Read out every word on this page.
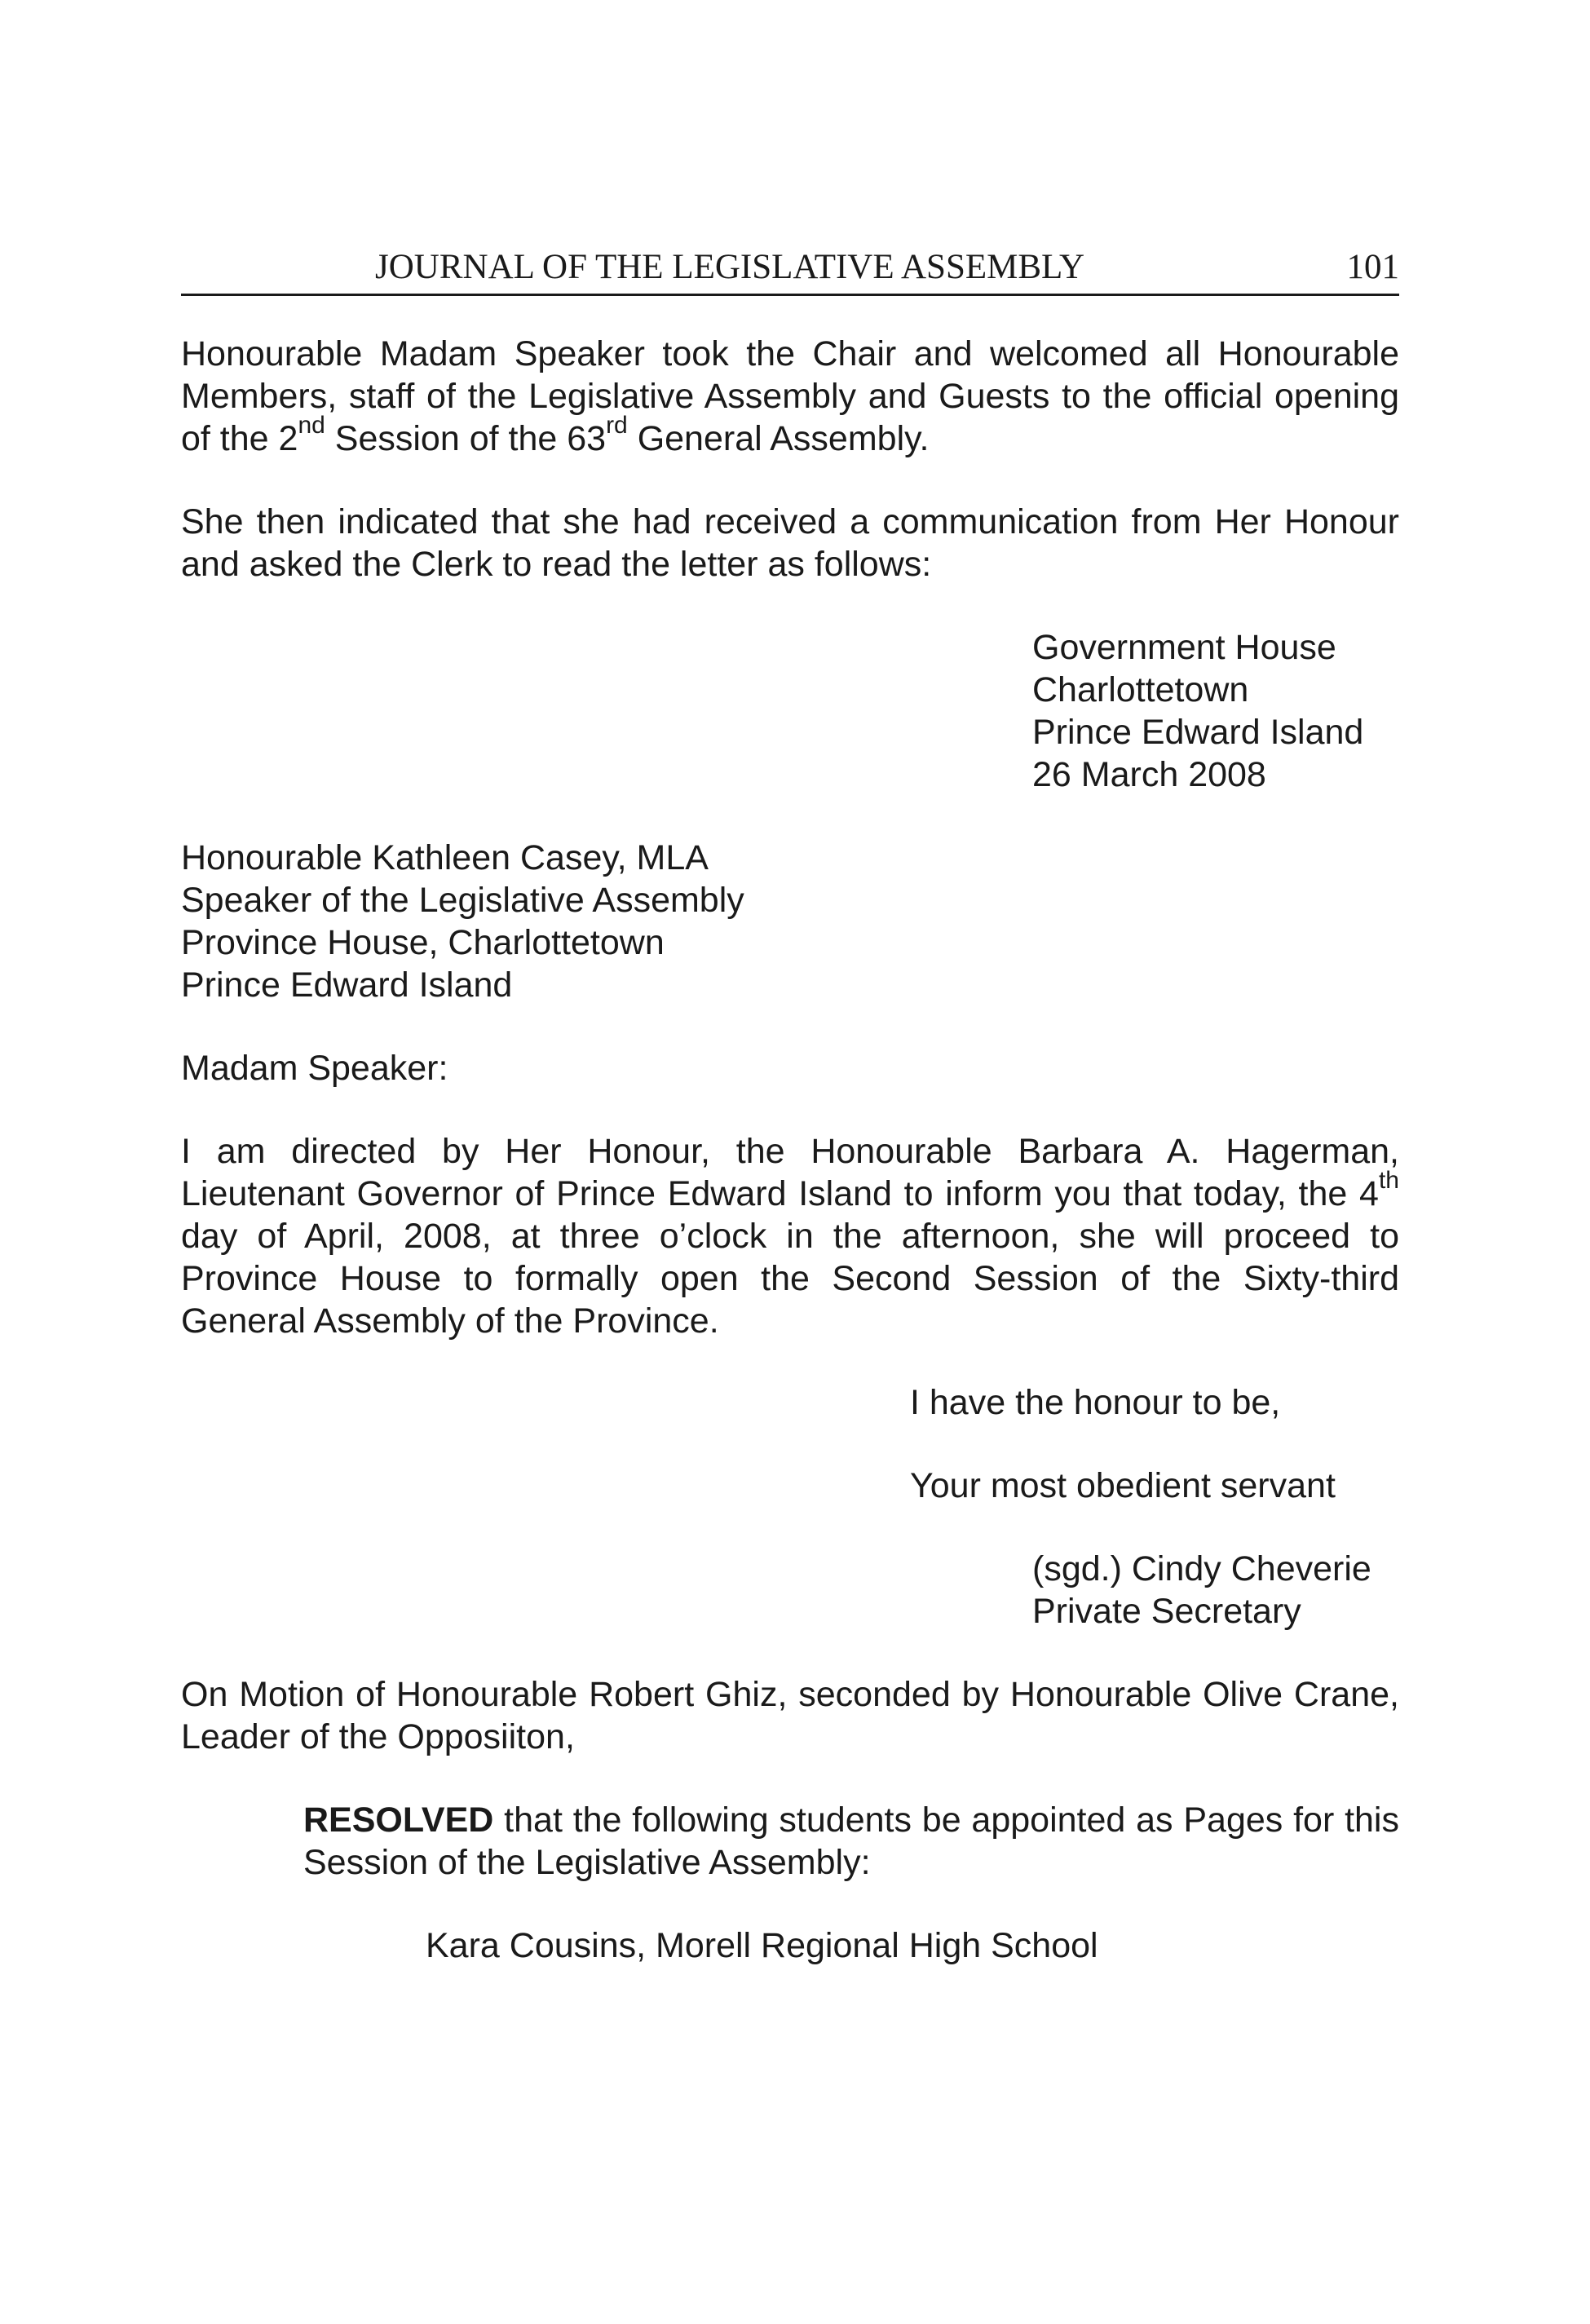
JOURNAL OF THE LEGISLATIVE ASSEMBLY	101

Honourable Madam Speaker took the Chair and welcomed all Honourable Members, staff of the Legislative Assembly and Guests to the official opening of the 2nd Session of the 63rd General Assembly.

She then indicated that she had received a communication from Her Honour and asked the Clerk to read the letter as follows:

Government House
Charlottetown
Prince Edward Island
26 March 2008
Honourable Kathleen Casey, MLA
Speaker of the Legislative Assembly
Province House, Charlottetown
Prince Edward Island

Madam Speaker:

I am directed by Her Honour, the Honourable Barbara A. Hagerman, Lieutenant Governor of Prince Edward Island to inform you that today, the 4th day of April, 2008, at three o’clock in the afternoon, she will proceed to Province House to formally open the Second Session of the Sixty-third General Assembly of the Province.

I have the honour to be,

Your most obedient servant

(sgd.) Cindy Cheverie
Private Secretary

On Motion of Honourable Robert Ghiz, seconded by Honourable Olive Crane, Leader of the Opposiiton,

RESOLVED that the following students be appointed as Pages for this Session of the Legislative Assembly:

Kara Cousins, Morell Regional High School
